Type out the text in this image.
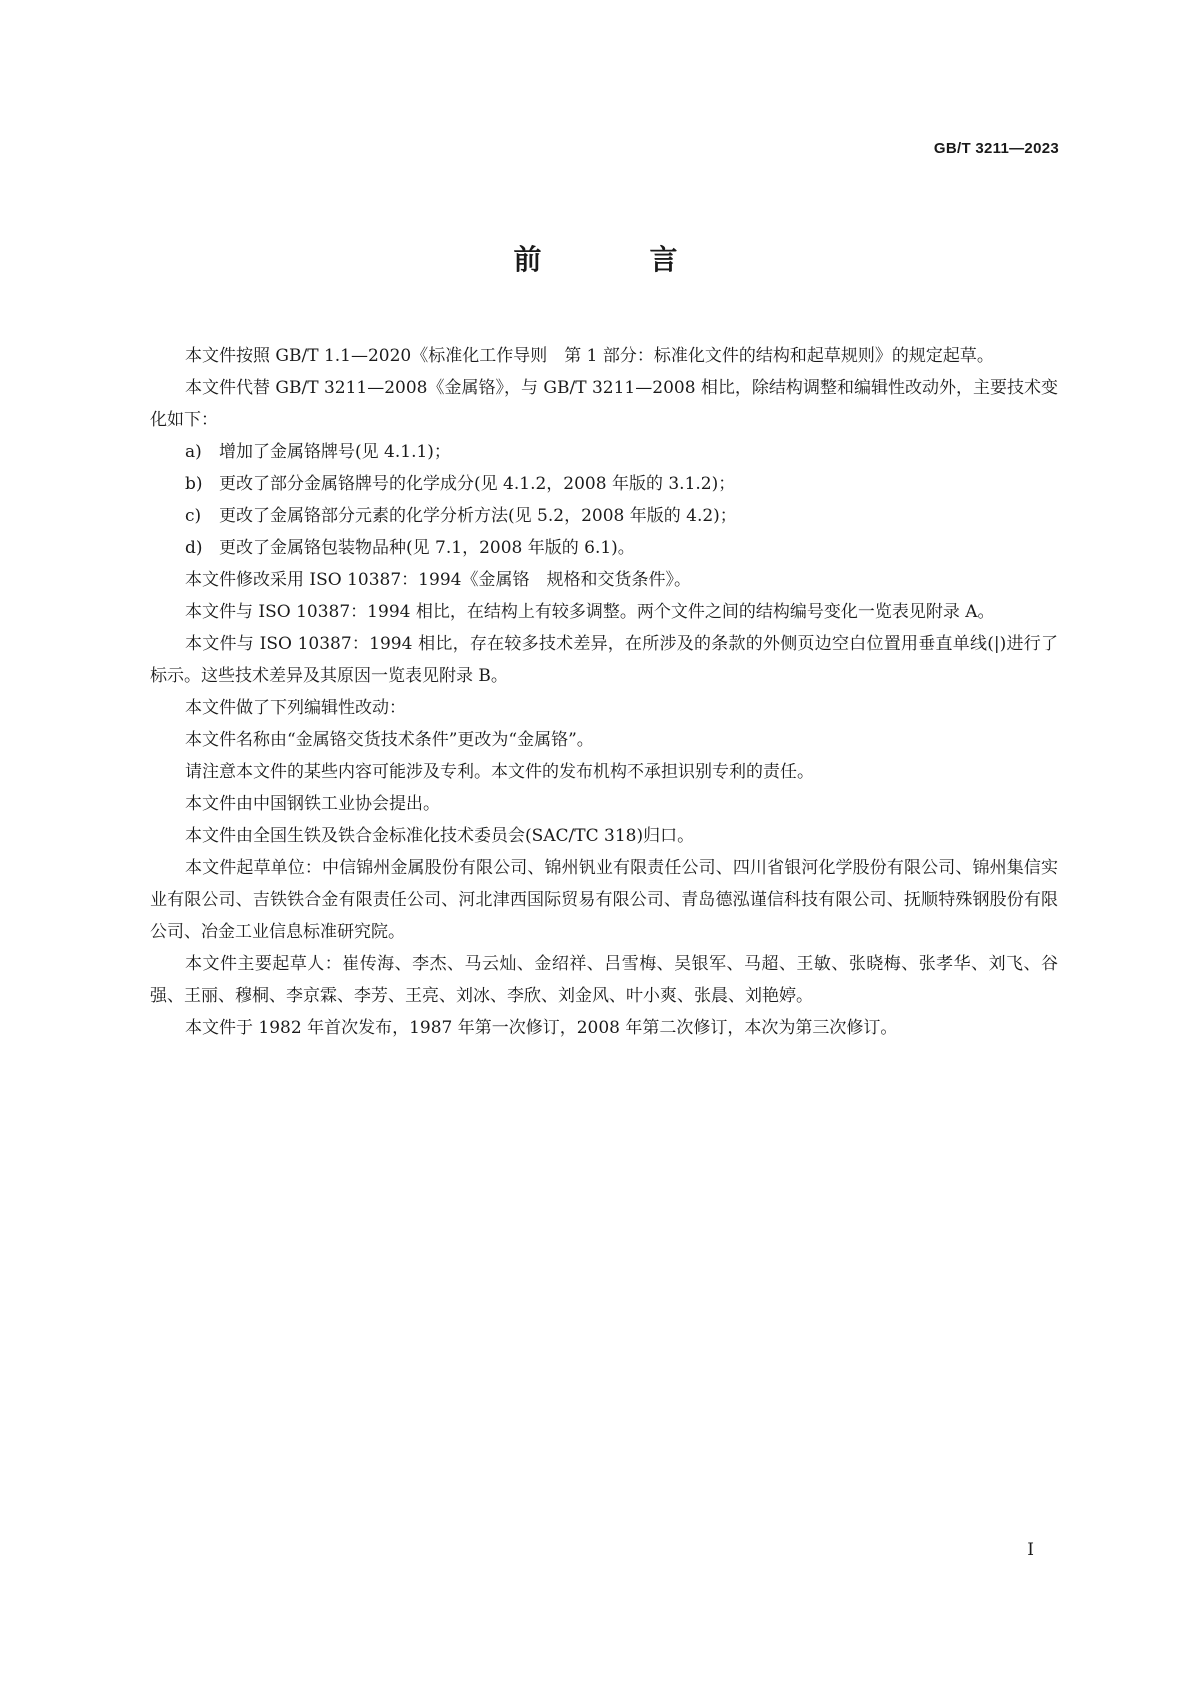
GB/T 3211—2023
前　言

本文件按照 GB/T 1.1—2020《标准化工作导则　第 1 部分：标准化文件的结构和起草规则》的规定起草。

本文件代替 GB/T 3211—2008《金属铬》，与 GB/T 3211—2008 相比，除结构调整和编辑性改动外，主要技术变化如下：

a) 增加了金属铬牌号(见 4.1.1)；

b) 更改了部分金属铬牌号的化学成分(见 4.1.2，2008 年版的 3.1.2)；

c) 更改了金属铬部分元素的化学分析方法(见 5.2，2008 年版的 4.2)；

d) 更改了金属铬包装物品种(见 7.1，2008 年版的 6.1)。

本文件修改采用 ISO 10387：1994《金属铬　规格和交货条件》。

本文件与 ISO 10387：1994 相比，在结构上有较多调整。两个文件之间的结构编号变化一览表见附录 A。

本文件与 ISO 10387：1994 相比，存在较多技术差异，在所涉及的条款的外侧页边空白位置用垂直单线(|)进行了标示。这些技术差异及其原因一览表见附录 B。

本文件做了下列编辑性改动：

本文件名称由“金属铬交货技术条件”更改为“金属铬”。

请注意本文件的某些内容可能涉及专利。本文件的发布机构不承担识别专利的责任。

本文件由中国钢铁工业协会提出。

本文件由全国生铁及铁合金标准化技术委员会(SAC/TC 318)归口。

本文件起草单位：中信锦州金属股份有限公司、锦州钒业有限责任公司、四川省银河化学股份有限公司、锦州集信实业有限公司、吉铁铁合金有限责任公司、河北津西国际贸易有限公司、青岛德泓谨信科技有限公司、抚顺特殊钢股份有限公司、冶金工业信息标准研究院。

本文件主要起草人：崔传海、李杰、马云灿、金绍祥、吕雪梅、吴银军、马超、王敏、张晓梅、张孝华、刘飞、谷强、王丽、穆桐、李京霖、李芳、王亮、刘冰、李欣、刘金风、叶小爽、张晨、刘艳婷。

本文件于 1982 年首次发布，1987 年第一次修订，2008 年第二次修订，本次为第三次修订。

I
